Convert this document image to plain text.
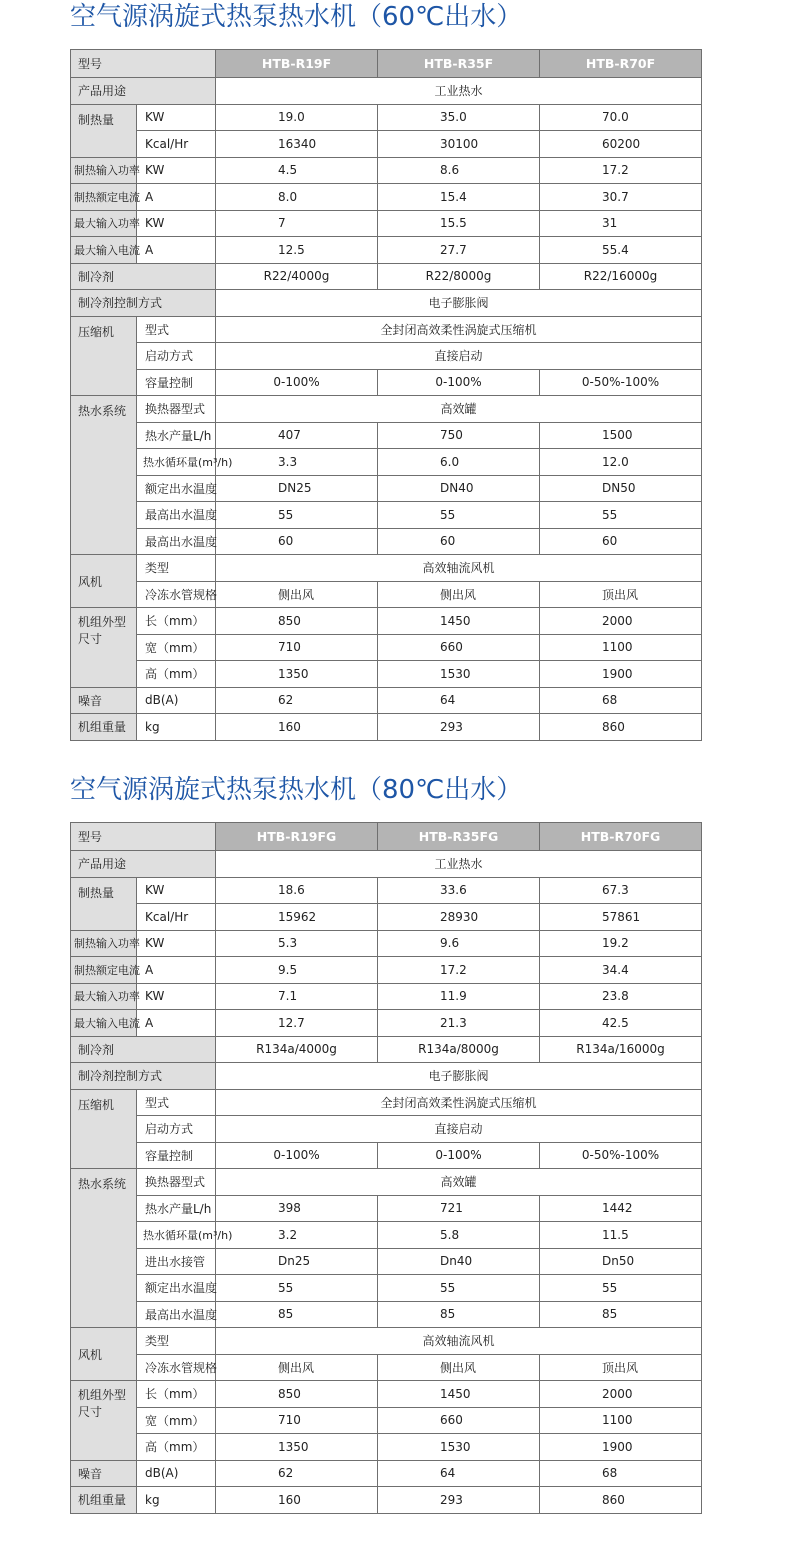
空气源涡旋式热泵热水机（60℃出水）
型号		HTB-R19F	HTB-R35F	HTB-R70F
产品用途		工业热水		
制热量	KW	19.0	35.0	70.0
	Kcal/Hr	16340	30100	60200
制热输入功率	KW	4.5	8.6	17.2
制热额定电流	A	8.0	15.4	30.7
最大输入功率	KW	7	15.5	31
最大输入电流	A	12.5	27.7	55.4
制冷剂		R22/4000g	R22/8000g	R22/16000g
制冷剂控制方式		电子膨胀阀		
压缩机	型式	全封闭高效柔性涡旋式压缩机		
	启动方式	直接启动		
	容量控制	0-100%	0-100%	0-50%-100%
热水系统	换热器型式	高效罐		
	热水产量L/h	407	750	1500
	热水循环量(m³/h)	3.3	6.0	12.0
	额定出水温度	DN25	DN40	DN50
	最高出水温度	55	55	55
	最高出水温度	60	60	60
风机	类型	高效轴流风机		
	冷冻水管规格	侧出风	侧出风	顶出风
机组外型尺寸	长（mm）	850	1450	2000
	宽（mm）	710	660	1100
	高（mm）	1350	1530	1900
噪音	dB(A)	62	64	68
机组重量	kg	160	293	860
空气源涡旋式热泵热水机（80℃出水）
型号		HTB-R19FG	HTB-R35FG	HTB-R70FG
产品用途		工业热水		
制热量	KW	18.6	33.6	67.3
	Kcal/Hr	15962	28930	57861
制热输入功率	KW	5.3	9.6	19.2
制热额定电流	A	9.5	17.2	34.4
最大输入功率	KW	7.1	11.9	23.8
最大输入电流	A	12.7	21.3	42.5
制冷剂		R134a/4000g	R134a/8000g	R134a/16000g
制冷剂控制方式		电子膨胀阀		
压缩机	型式	全封闭高效柔性涡旋式压缩机		
	启动方式	直接启动		
	容量控制	0-100%	0-100%	0-50%-100%
热水系统	换热器型式	高效罐		
	热水产量L/h	398	721	1442
	热水循环量(m³/h)	3.2	5.8	11.5
	进出水接管	Dn25	Dn40	Dn50
	额定出水温度	55	55	55
	最高出水温度	85	85	85
风机	类型	高效轴流风机		
	冷冻水管规格	侧出风	侧出风	顶出风
机组外型尺寸	长（mm）	850	1450	2000
	宽（mm）	710	660	1100
	高（mm）	1350	1530	1900
噪音	dB(A)	62	64	68
机组重量	kg	160	293	860
